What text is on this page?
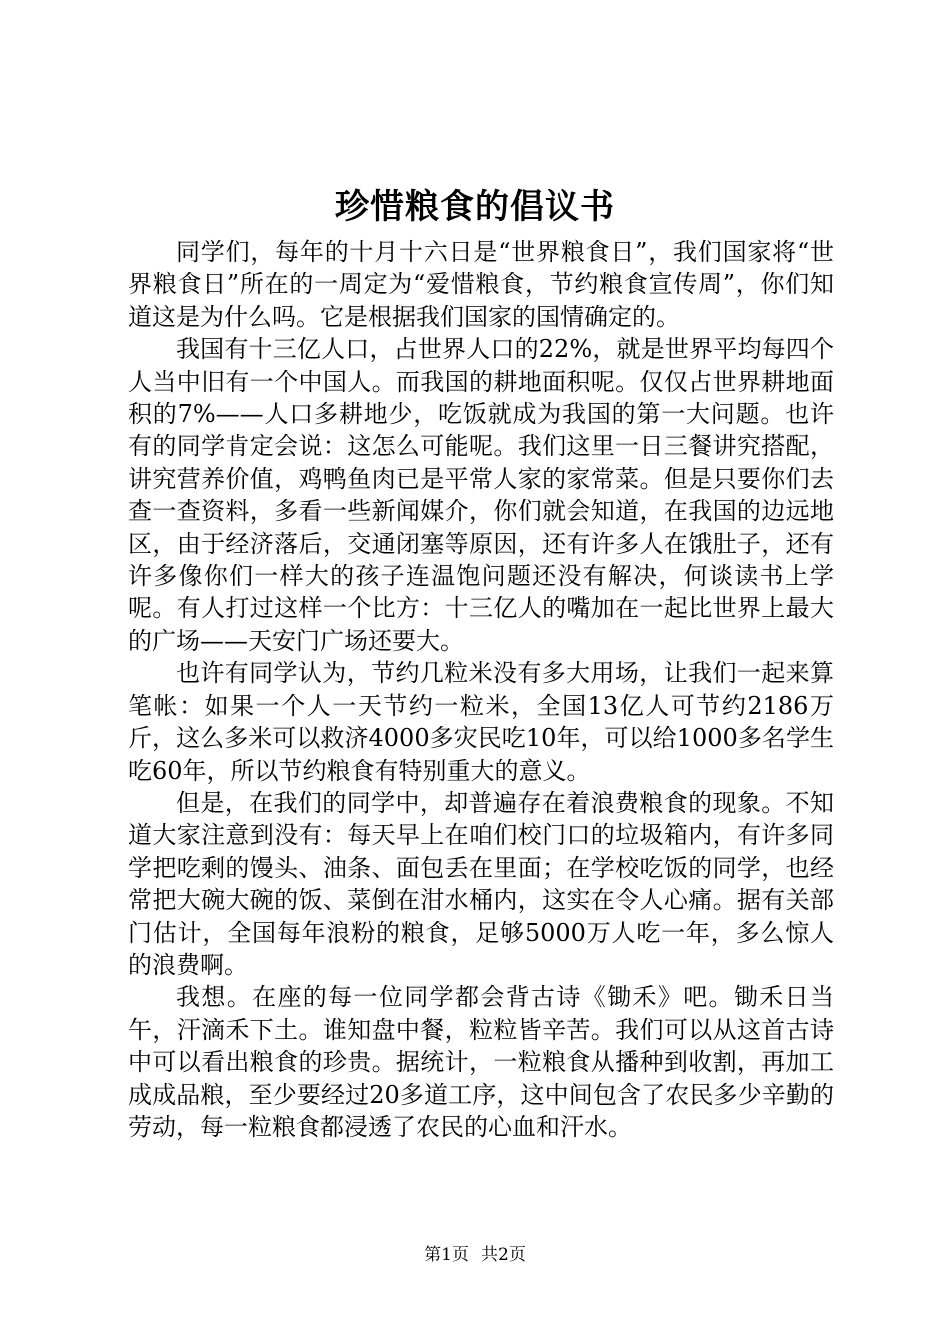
珍惜粮食的倡议书

同学们，每年的十月十六日是“世界粮食日”，我们国家将“世界粮食日”所在的一周定为“爱惜粮食，节约粮食宣传周”，你们知道这是为什么吗。它是根据我们国家的国情确定的。

我国有十三亿人口，占世界人口的22%，就是世界平均每四个人当中旧有一个中国人。而我国的耕地面积呢。仅仅占世界耕地面积的7%——人口多耕地少，吃饭就成为我国的第一大问题。也许有的同学肯定会说：这怎么可能呢。我们这里一日三餐讲究搭配，讲究营养价值，鸡鸭鱼肉已是平常人家的家常菜。但是只要你们去查一查资料，多看一些新闻媒介，你们就会知道，在我国的边远地区，由于经济落后，交通闭塞等原因，还有许多人在饿肚子，还有许多像你们一样大的孩子连温饱问题还没有解决，何谈读书上学呢。有人打过这样一个比方：十三亿人的嘴加在一起比世界上最大的广场——天安门广场还要大。

也许有同学认为，节约几粒米没有多大用场，让我们一起来算笔帐：如果一个人一天节约一粒米，全国13亿人可节约2186万斤，这么多米可以救济4000多灾民吃10年，可以给1000多名学生吃60年，所以节约粮食有特别重大的意义。

但是，在我们的同学中，却普遍存在着浪费粮食的现象。不知道大家注意到没有：每天早上在咱们校门口的垃圾箱内，有许多同学把吃剩的馒头、油条、面包丢在里面；在学校吃饭的同学，也经常把大碗大碗的饭、菜倒在泔水桶内，这实在令人心痛。据有关部门估计，全国每年浪粉的粮食，足够5000万人吃一年，多么惊人的浪费啊。

我想。在座的每一位同学都会背古诗《锄禾》吧。锄禾日当午，汗滴禾下土。谁知盘中餐，粒粒皆辛苦。我们可以从这首古诗中可以看出粮食的珍贵。据统计，一粒粮食从播种到收割，再加工成成品粮，至少要经过20多道工序，这中间包含了农民多少辛勤的劳动，每一粒粮食都浸透了农民的心血和汗水。

第1页 共2页
